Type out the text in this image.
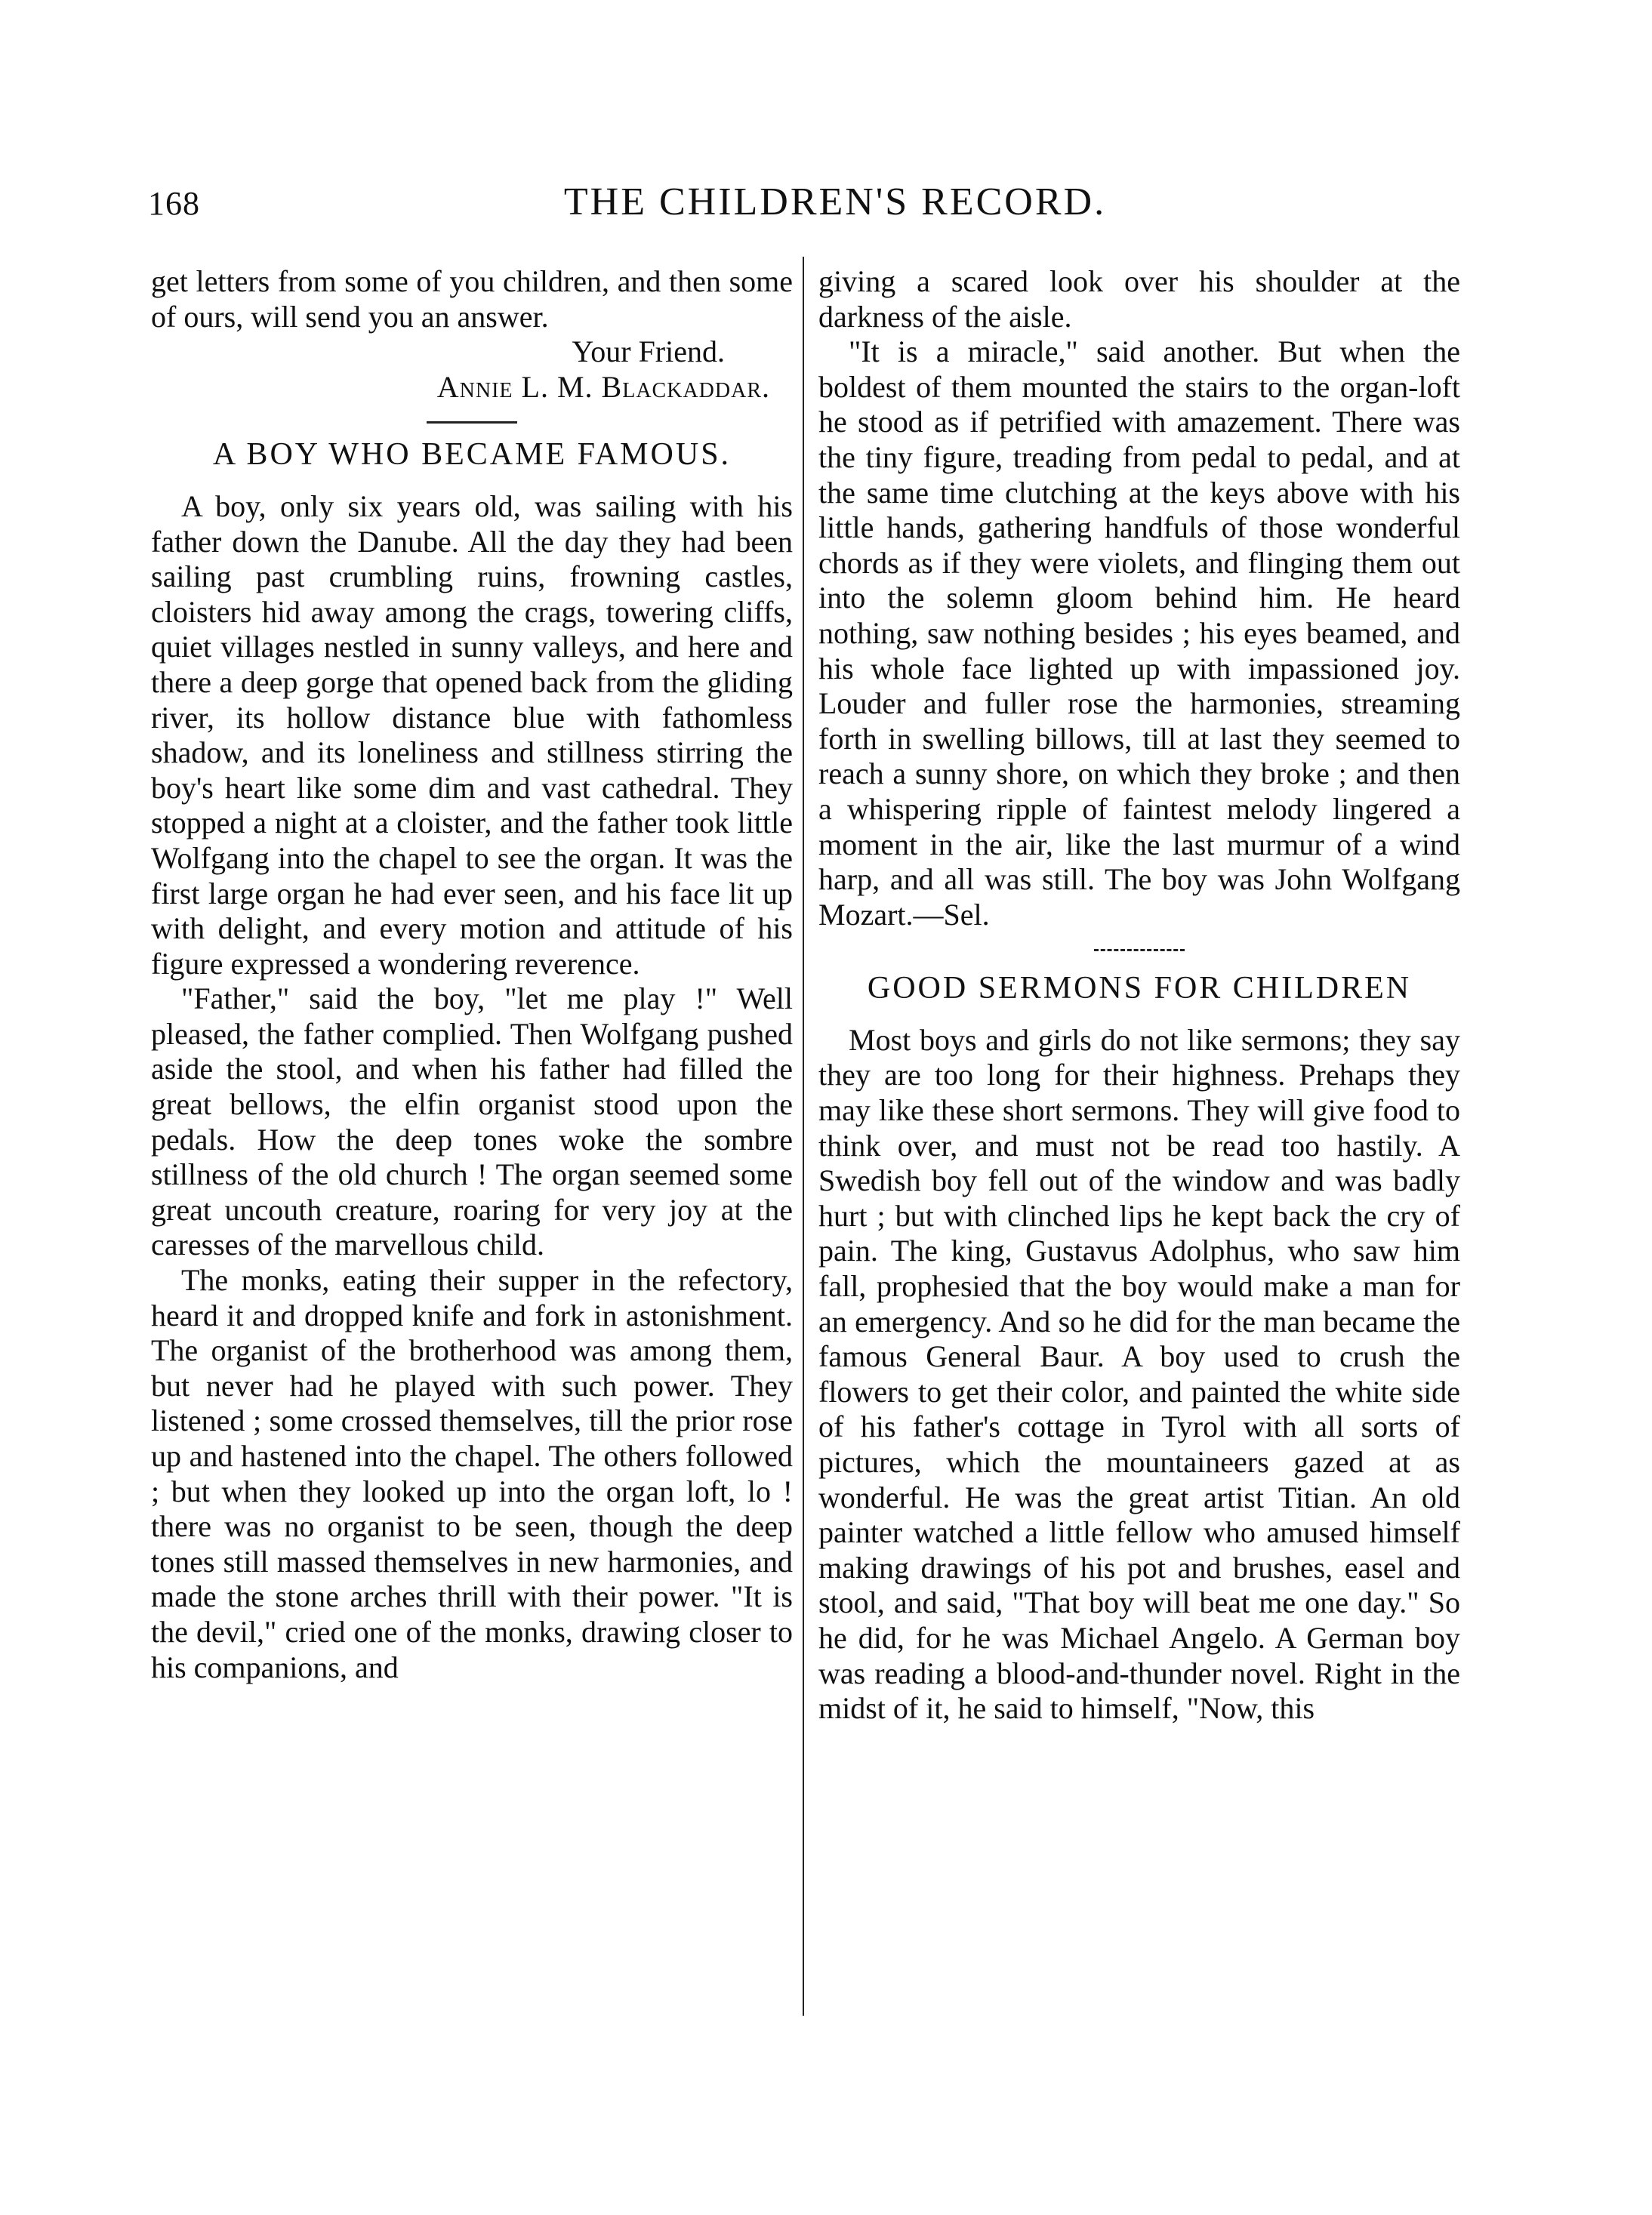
168	THE CHILDREN'S RECORD.

get letters from some of you children, and then some of ours, will send you an answer.

Your Friend.

Annie L. M. Blackaddar.

A BOY WHO BECAME FAMOUS.

A boy, only six years old, was sailing with his father down the Danube. All the day they had been sailing past crumbling ruins, frowning castles, cloisters hid away among the crags, towering cliffs, quiet villages nestled in sunny valleys, and here and there a deep gorge that opened back from the gliding river, its hollow distance blue with fathomless shadow, and its loneliness and stillness stirring the boy's heart like some dim and vast cathedral. They stopped a night at a cloister, and the father took little Wolfgang into the chapel to see the organ. It was the first large organ he had ever seen, and his face lit up with delight, and every motion and attitude of his figure expressed a wondering reverence.

"Father," said the boy, "let me play !" Well pleased, the father complied. Then Wolfgang pushed aside the stool, and when his father had filled the great bellows, the elfin organist stood upon the pedals. How the deep tones woke the sombre stillness of the old church ! The organ seemed some great uncouth creature, roaring for very joy at the caresses of the marvellous child.

The monks, eating their supper in the refectory, heard it and dropped knife and fork in astonishment. The organist of the brotherhood was among them, but never had he played with such power. They listened ; some crossed themselves, till the prior rose up and hastened into the chapel. The others followed ; but when they looked up into the organ loft, lo ! there was no organist to be seen, though the deep tones still massed themselves in new harmonies, and made the stone arches thrill with their power. "It is the devil," cried one of the monks, drawing closer to his companions, and

giving a scared look over his shoulder at the darkness of the aisle.

"It is a miracle," said another. But when the boldest of them mounted the stairs to the organ-loft he stood as if petrified with amazement. There was the tiny figure, treading from pedal to pedal, and at the same time clutching at the keys above with his little hands, gathering handfuls of those wonderful chords as if they were violets, and flinging them out into the solemn gloom behind him. He heard nothing, saw nothing besides ; his eyes beamed, and his whole face lighted up with impassioned joy. Louder and fuller rose the harmonies, streaming forth in swelling billows, till at last they seemed to reach a sunny shore, on which they broke ; and then a whispering ripple of faintest melody lingered a moment in the air, like the last murmur of a wind harp, and all was still. The boy was John Wolfgang Mozart.—Sel.

GOOD SERMONS FOR CHILDREN

Most boys and girls do not like sermons; they say they are too long for their highness. Prehaps they may like these short sermons. They will give food to think over, and must not be read too hastily. A Swedish boy fell out of the window and was badly hurt ; but with clinched lips he kept back the cry of pain. The king, Gustavus Adolphus, who saw him fall, prophesied that the boy would make a man for an emergency. And so he did for the man became the famous General Baur. A boy used to crush the flowers to get their color, and painted the white side of his father's cottage in Tyrol with all sorts of pictures, which the mountaineers gazed at as wonderful. He was the great artist Titian. An old painter watched a little fellow who amused himself making drawings of his pot and brushes, easel and stool, and said, "That boy will beat me one day." So he did, for he was Michael Angelo. A German boy was reading a blood-and-thunder novel. Right in the midst of it, he said to himself, "Now, this
